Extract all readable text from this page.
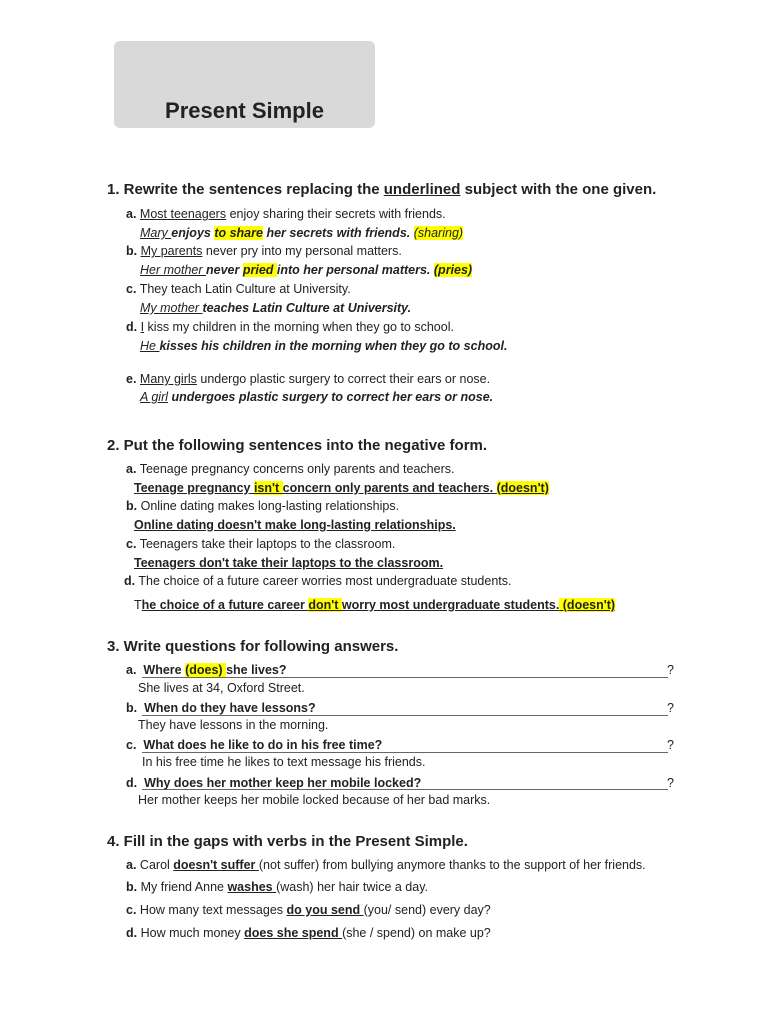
Present Simple
1. Rewrite the sentences replacing the underlined subject with the one given.
a. Most teenagers enjoy sharing their secrets with friends.
Mary enjoys to share her secrets with friends. (sharing)
b. My parents never pry into my personal matters.
Her mother never pried into her personal matters. (pries)
c. They teach Latin Culture at University.
My mother teaches Latin Culture at University.
d. I kiss my children in the morning when they go to school.
He kisses his children in the morning when they go to school.
e. Many girls undergo plastic surgery to correct their ears or nose.
A girl undergoes plastic surgery to correct her ears or nose.
2. Put the following sentences into the negative form.
a. Teenage pregnancy concerns only parents and teachers.
Teenage pregnancy isn't concern only parents and teachers. (doesn't)
b. Online dating makes long-lasting relationships.
Online dating doesn't make long-lasting relationships.
c. Teenagers take their laptops to the classroom.
Teenagers don't take their laptops to the classroom.
d. The choice of a future career worries most undergraduate students.
The choice of a future career don't worry most undergraduate students. (doesn't)
3. Write questions for following answers.
a. Where (does) she lives?	?
She lives at 34, Oxford Street.
b. When do they have lessons?	?
They have lessons in the morning.
c. What does he like to do in his free time?	?
In his free time he likes to text message his friends.
d. Why does her mother keep her mobile locked?	?
Her mother keeps her mobile locked because of her bad marks.
4. Fill in the gaps with verbs in the Present Simple.
a. Carol doesn't suffer (not suffer) from bullying anymore thanks to the support of her friends.
b. My friend Anne washes (wash) her hair twice a day.
c. How many text messages do you send (you/ send) every day?
d. How much money does she spend (she / spend) on make up?
